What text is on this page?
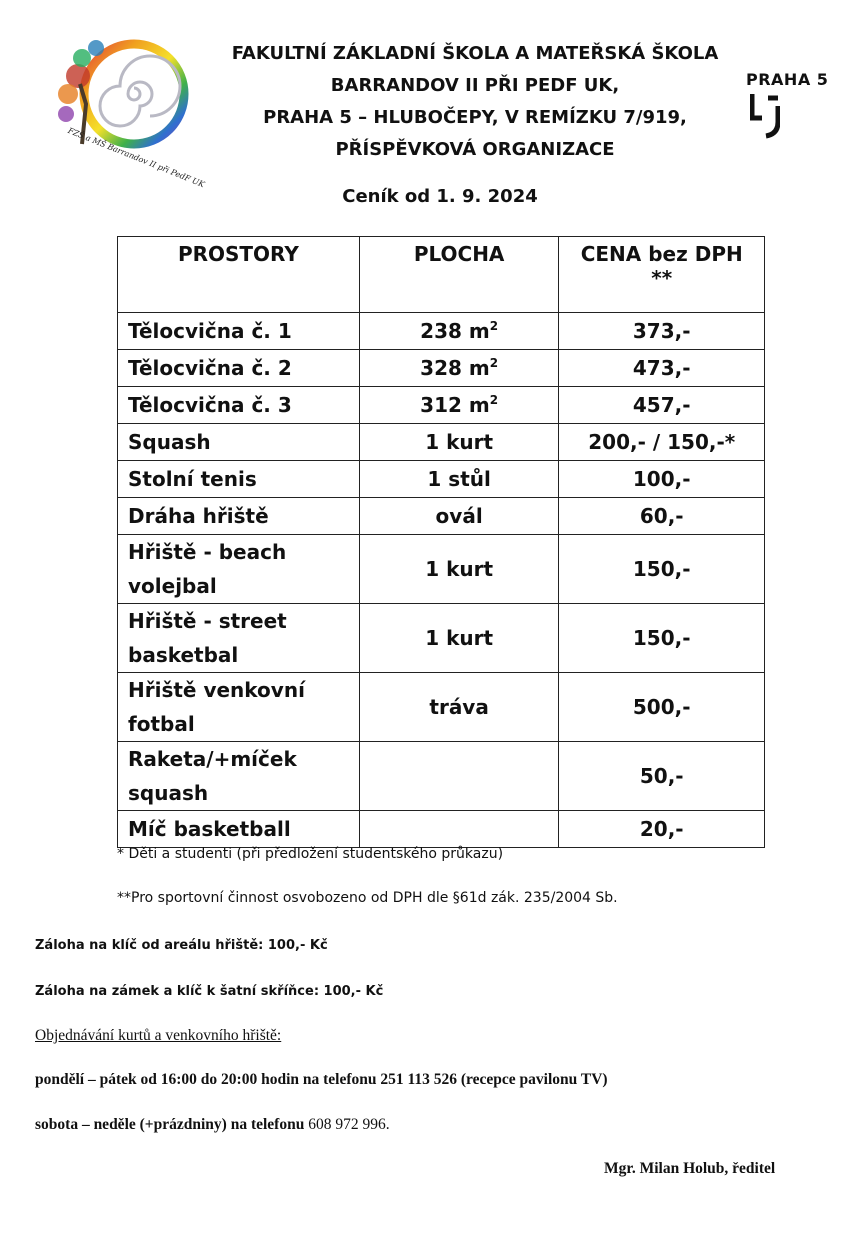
FZŠ a MŠ Barrandov II při PedF UK
PRAHA 5
FAKULTNÍ ZÁKLADNÍ ŠKOLA A MATEŘSKÁ ŠKOLA
BARRANDOV II PŘI PEDF UK,
PRAHA 5 – HLUBOČEPY, V REMÍZKU 7/919,
PŘÍSPĚVKOVÁ ORGANIZACE
Ceník od 1. 9. 2024
PROSTORY	PLOCHA	CENA bez DPH
**

Tělocvična č. 1	238 $m^2$	373,-
Tělocvična č. 2	328 $m^2$	473,-
Tělocvična č. 3	312 $m^2$	457,-
Squash	1 kurt	200,- / 150,-*
Stolní tenis	1 stůl	100,-
Dráha hřiště	ovál	60,-
Hřiště - beach volejbal	1 kurt	150,-
Hřiště - street basketbal	1 kurt	150,-
Hřiště venkovní fotbal	tráva	500,-
Raketa/+míček squash		50,-
Míč basketball		20,-
* Děti a studenti (při předložení studentského průkazu)
**Pro sportovní činnost osvobozeno od DPH dle §61d zák. 235/2004 Sb.
Záloha na klíč od areálu hřiště: 100,- Kč
Záloha na zámek a klíč k šatní skříňce: 100,- Kč
Objednávání kurtů a venkovního hřiště:
pondělí – pátek od 16:00 do 20:00 hodin na telefonu 251 113 526 (recepce pavilonu TV)
sobota – neděle (+prázdniny) na telefonu 608 972 996.
Mgr. Milan Holub, ředitel
